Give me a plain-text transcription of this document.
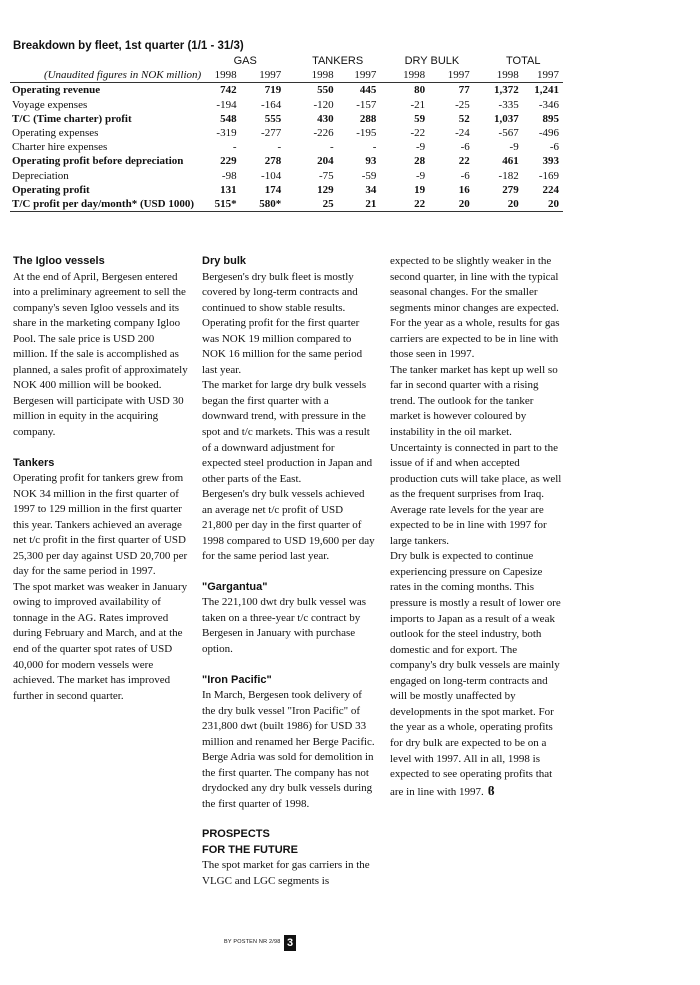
Breakdown by fleet, 1st quarter (1/1 - 31/3)
	GAS			TANKERS			DRY BULK			TOTAL	
(Unaudited figures in NOK million)	1998	1997		1998	1997		1998	1997		1998	1997
Operating revenue	742	719		550	445		80	77		1,372	1,241
Voyage expenses	-194	-164		-120	-157		-21	-25		-335	-346
T/C (Time charter) profit	548	555		430	288		59	52		1,037	895
Operating expenses	-319	-277		-226	-195		-22	-24		-567	-496
Charter hire expenses	-	-		-	-		-9	-6		-9	-6
Operating profit before depreciation	229	278		204	93		28	22		461	393
Depreciation	-98	-104		-75	-59		-9	-6		-182	-169
Operating profit	131	174		129	34		19	16		279	224
T/C profit per day/month* (USD 1000)	515*	580*		25	21		22	20		20	20
The Igloo vessels

At the end of April, Bergesen entered into a preliminary agreement to sell the company's seven Igloo vessels and its share in the marketing company Igloo Pool. The sale price is USD 200 million. If the sale is accomplished as planned, a sales profit of approximately NOK 400 million will be booked. Bergesen will participate with USD 30 million in equity in the acquiring company.

Tankers

Operating profit for tankers grew from NOK 34 million in the first quarter of 1997 to 129 million in the first quarter this year. Tankers achieved an average net t/c profit in the first quarter of USD 25,300 per day against USD 20,700 per day for the same period in 1997.

The spot market was weaker in January owing to improved availability of tonnage in the AG. Rates improved during February and March, and at the end of the quarter spot rates of USD 40,000 for modern vessels were achieved. The market has improved further in second quarter.

Dry bulk

Bergesen's dry bulk fleet is mostly covered by long-term contracts and continued to show stable results. Operating profit for the first quarter was NOK 19 million compared to NOK 16 million for the same period last year.

The market for large dry bulk vessels began the first quarter with a downward trend, with pressure in the spot and t/c markets. This was a result of a downward adjustment for expected steel production in Japan and other parts of the East.

Bergesen's dry bulk vessels achieved an average net t/c profit of USD 21,800 per day in the first quarter of 1998 compared to USD 19,600 per day for the same period last year.

"Gargantua"

The 221,100 dwt dry bulk vessel was taken on a three-year t/c contract by Bergesen in January with purchase option.

"Iron Pacific"

In March, Bergesen took delivery of the dry bulk vessel "Iron Pacific" of 231,800 dwt (built 1986) for USD 33 million and renamed her Berge Pacific.

Berge Adria was sold for demolition in the first quarter. The company has not drydocked any dry bulk vessels during the first quarter of 1998.

PROSPECTS
FOR THE FUTURE

The spot market for gas carriers in the VLGC and LGC segments is

expected to be slightly weaker in the second quarter, in line with the typical seasonal changes. For the smaller segments minor changes are expected. For the year as a whole, results for gas carriers are expected to be in line with those seen in 1997.

The tanker market has kept up well so far in second quarter with a rising trend. The outlook for the tanker market is however coloured by instability in the oil market. Uncertainty is connected in part to the issue of if and when accepted production cuts will take place, as well as the frequent surprises from Iraq. Average rate levels for the year are expected to be in line with 1997 for large tankers.

Dry bulk is expected to continue experiencing pressure on Capesize rates in the coming months. This pressure is mostly a result of lower ore imports to Japan as a result of a weak outlook for the steel industry, both domestic and for export. The company's dry bulk vessels are mainly engaged on long-term contracts and will be mostly unaffected by developments in the spot market. For the year as a whole, operating profits for dry bulk are expected to be on a level with 1997. All in all, 1998 is expected to see operating profits that are in line with 1997. ϐ

BY POSTEN NR 2/98 3
